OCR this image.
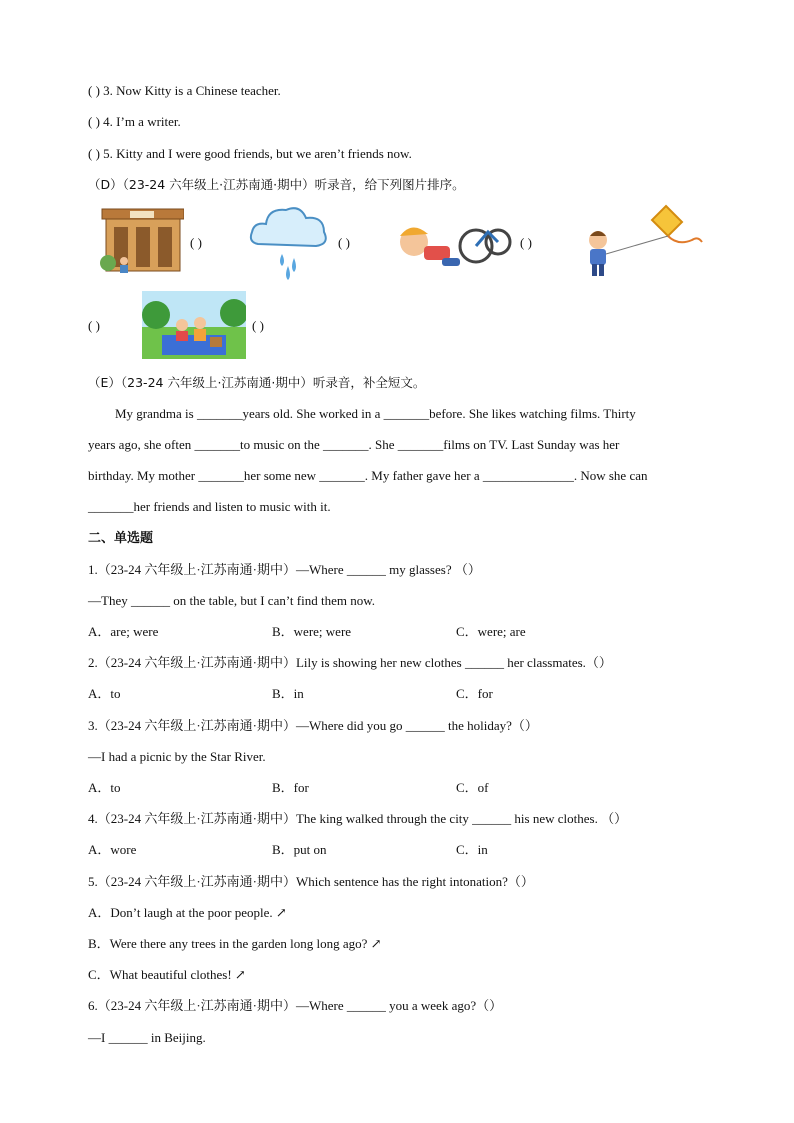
( ) 3. Now Kitty is a Chinese teacher.
( ) 4. I’m a writer.
( ) 5. Kitty and I were good friends, but we aren’t friends now.
（D）（23-24 六年级上·江苏南通·期中）听录音，给下列图片排序。
( )	( )	( )
( )	( )
（E）（23-24 六年级上·江苏南通·期中）听录音，补全短文。
My grandma is _______years old. She worked in a _______before. She likes watching films. Thirty
years ago, she often _______to music on the _______. She _______films on TV. Last Sunday was her
birthday. My mother _______her some new _______. My father gave her a ______________. Now she can
_______her friends and listen to music with it.
二、单选题
1.（23-24 六年级上·江苏南通·期中）—Where ______ my glasses? （）
—They ______ on the table, but I can’t find them now.
A．are; were	B．were; were	C．were; are
2.（23-24 六年级上·江苏南通·期中）Lily is showing her new clothes ______ her classmates.（）
A．to	B．in	C．for
3.（23-24 六年级上·江苏南通·期中）—Where did you go ______ the holiday?（）
—I had a picnic by the Star River.
A．to	B．for	C．of
4.（23-24 六年级上·江苏南通·期中）The king walked through the city ______ his new clothes. （）
A．wore	B．put on	C．in
5.（23-24 六年级上·江苏南通·期中）Which sentence has the right intonation?（）
A．Don’t laugh at the poor people. ↗
B．Were there any trees in the garden long long ago? ↗
C．What beautiful clothes! ↗
6.（23-24 六年级上·江苏南通·期中）—Where ______ you a week ago?（）
—I ______ in Beijing.
